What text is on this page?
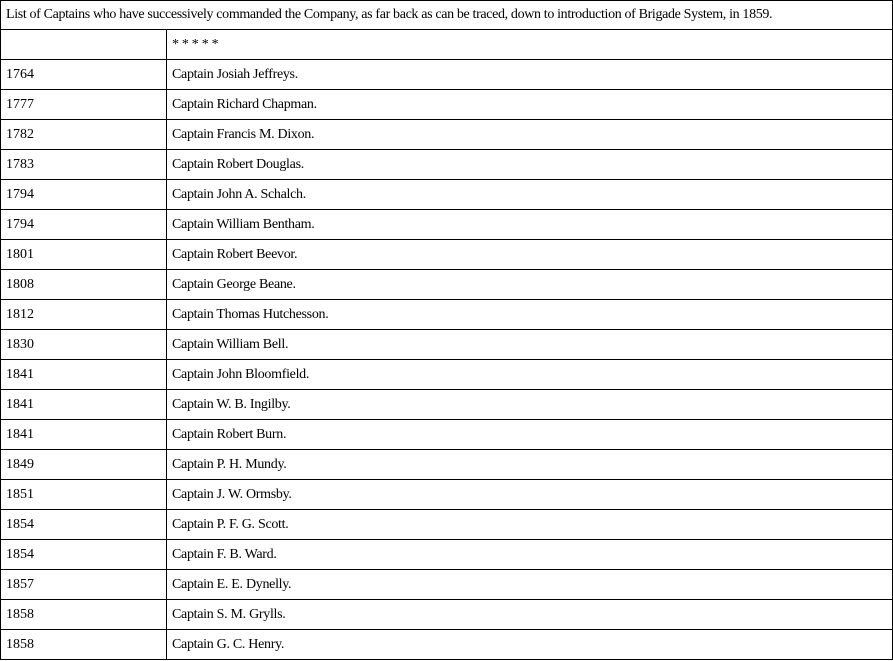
List of Captains who have successively commanded the Company, as far back as can be traced, down to introduction of Brigade System, in 1859.	
	* * * * *
1764	Captain Josiah Jeffreys.
1777	Captain Richard Chapman.
1782	Captain Francis M. Dixon.
1783	Captain Robert Douglas.
1794	Captain John A. Schalch.
1794	Captain William Bentham.
1801	Captain Robert Beevor.
1808	Captain George Beane.
1812	Captain Thomas Hutchesson.
1830	Captain William Bell.
1841	Captain John Bloomfield.
1841	Captain W. B. Ingilby.
1841	Captain Robert Burn.
1849	Captain P. H. Mundy.
1851	Captain J. W. Ormsby.
1854	Captain P. F. G. Scott.
1854	Captain F. B. Ward.
1857	Captain E. E. Dynelly.
1858	Captain S. M. Grylls.
1858	Captain G. C. Henry.
